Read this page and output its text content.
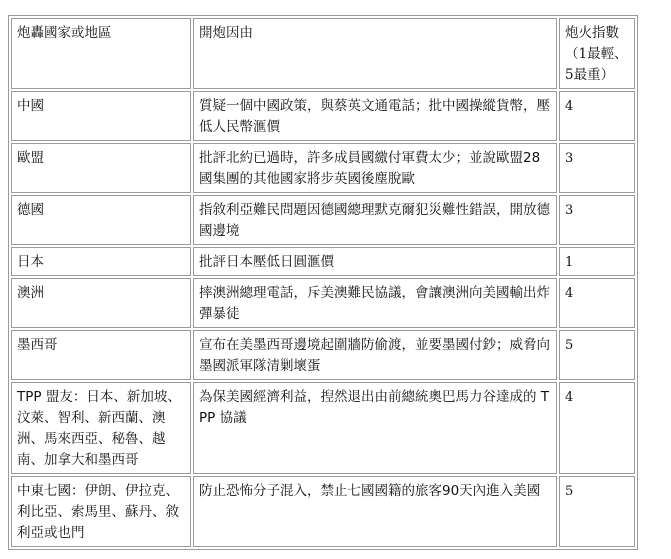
炮轟國家或地區	開炮因由	炮火指數（1最輕、5最重）
中國	質疑一個中國政策，與蔡英文通電話；批中國操縱貨幣，壓低人民幣滙價	4
歐盟	批評北約已過時，許多成員國繳付軍費太少；並說歐盟28國集團的其他國家將步英國後塵脫歐	3
德國	指敘利亞難民問題因德國總理默克爾犯災難性錯誤，開放德國邊境	3
日本	批評日本壓低日圓滙價	1
澳洲	摔澳洲總理電話，斥美澳難民協議，會讓澳洲向美國輸出炸彈暴徒	4
墨西哥	宣布在美墨西哥邊境起圍牆防偷渡，並要墨國付鈔；威脅向墨國派軍隊清剿壞蛋	5
TPP 盟友：日本、新加坡、汶萊、智利、新西蘭、澳洲、馬來西亞、秘魯、越南、加拿大和墨西哥	為保美國經濟利益，揑然退出由前總統奧巴馬力谷達成的 TPP 協議	4
中東七國：伊朗、伊拉克、利比亞、索馬里、蘇丹、敘利亞或也門	防止恐怖分子混入，禁止七國國籍的旅客90天內進入美國	5
